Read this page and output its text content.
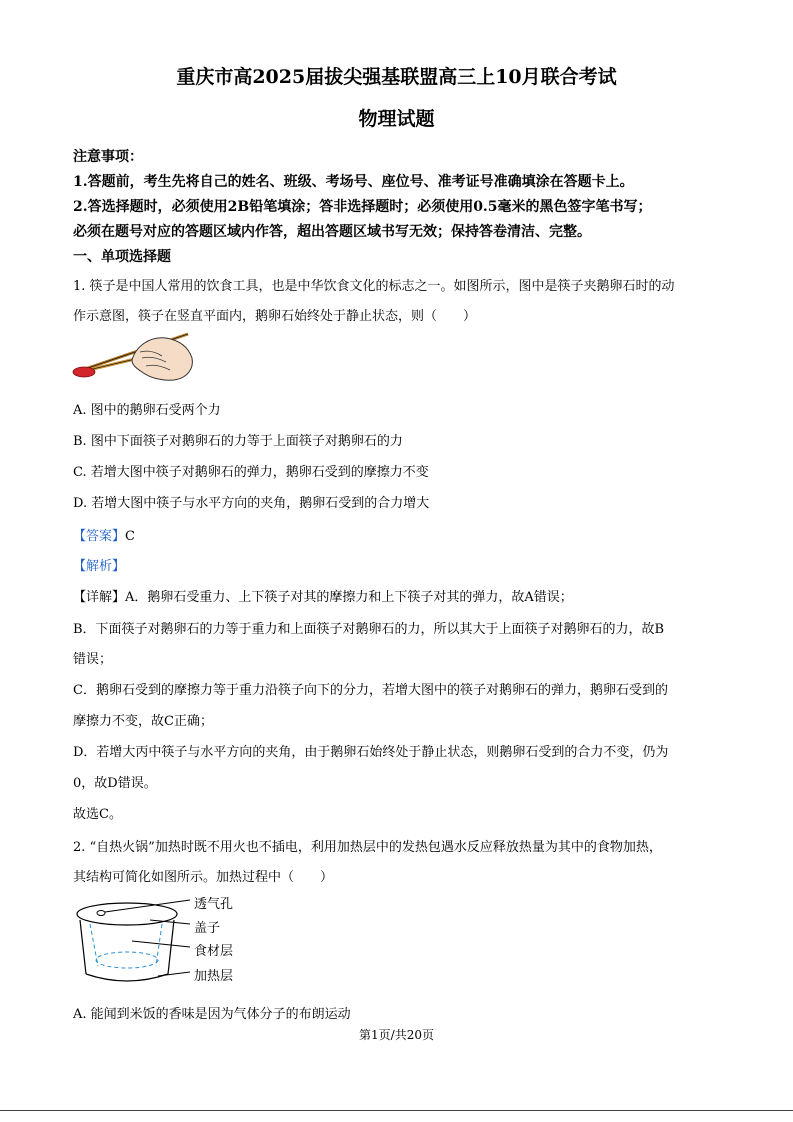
重庆市高2025届拔尖强基联盟高三上10月联合考试
物理试题
注意事项：
1.答题前，考生先将自己的姓名、班级、考场号、座位号、准考证号准确填涂在答题卡上。
2.答选择题时，必须使用2B铅笔填涂；答非选择题时；必须使用0.5毫米的黑色签字笔书写；
必须在题号对应的答题区域内作答，超出答题区域书写无效；保持答卷清洁、完整。
一、单项选择题
1. 筷子是中国人常用的饮食工具，也是中华饮食文化的标志之一。如图所示，图中是筷子夹鹅卵石时的动
作示意图，筷子在竖直平面内，鹅卵石始终处于静止状态，则（　　）
A. 图中的鹅卵石受两个力
B. 图中下面筷子对鹅卵石的力等于上面筷子对鹅卵石的力
C. 若增大图中筷子对鹅卵石的弹力，鹅卵石受到的摩擦力不变
D. 若增大图中筷子与水平方向的夹角，鹅卵石受到的合力增大
【答案】C
【解析】
【详解】A．鹅卵石受重力、上下筷子对其的摩擦力和上下筷子对其的弹力，故A错误；
B．下面筷子对鹅卵石的力等于重力和上面筷子对鹅卵石的力，所以其大于上面筷子对鹅卵石的力，故B
错误；
C．鹅卵石受到的摩擦力等于重力沿筷子向下的分力，若增大图中的筷子对鹅卵石的弹力，鹅卵石受到的
摩擦力不变，故C正确；
D．若增大丙中筷子与水平方向的夹角，由于鹅卵石始终处于静止状态，则鹅卵石受到的合力不变，仍为
0，故D错误。
故选C。
2. “自热火锅”加热时既不用火也不插电，利用加热层中的发热包遇水反应释放热量为其中的食物加热，
其结构可简化如图所示。加热过程中（　　）
透气孔
盖子
食材层
加热层
A. 能闻到米饭的香味是因为气体分子的布朗运动
第1页/共20页
